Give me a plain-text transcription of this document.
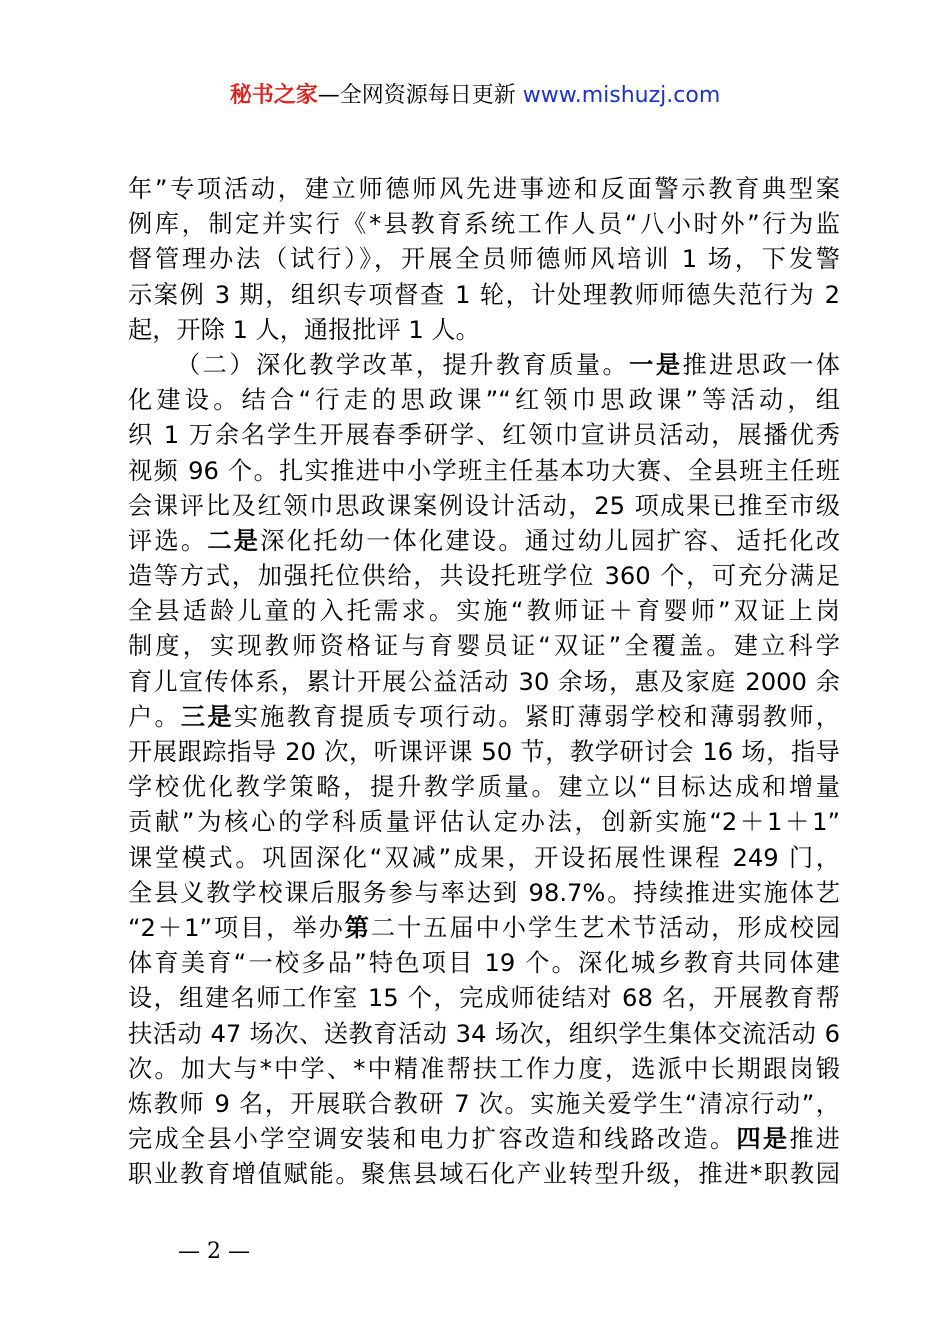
秘书之家—全网资源每日更新 www.mishuzj.com
年”专项活动，建立师德师风先进事迹和反面警示教育典型案
例库，制定并实行《*县教育系统工作人员“八小时外”行为监
督管理办法（试行）》，开展全员师德师风培训 1 场，下发警
示案例 3 期，组织专项督查 1 轮，计处理教师师德失范行为 2
起，开除 1 人，通报批评 1 人。
（二）深化教学改革，提升教育质量。一是推进思政一体
化建设。结合“行走的思政课”“红领巾思政课”等活动，组
织 1 万余名学生开展春季研学、红领巾宣讲员活动，展播优秀
视频 96 个。扎实推进中小学班主任基本功大赛、全县班主任班
会课评比及红领巾思政课案例设计活动，25 项成果已推至市级
评选。二是深化托幼一体化建设。通过幼儿园扩容、适托化改
造等方式，加强托位供给，共设托班学位 360 个，可充分满足
全县适龄儿童的入托需求。实施“教师证＋育婴师”双证上岗
制度，实现教师资格证与育婴员证“双证”全覆盖。建立科学
育儿宣传体系，累计开展公益活动 30 余场，惠及家庭 2000 余
户。三是实施教育提质专项行动。紧盯薄弱学校和薄弱教师，
开展跟踪指导 20 次，听课评课 50 节，教学研讨会 16 场，指导
学校优化教学策略，提升教学质量。建立以“目标达成和增量
贡献”为核心的学科质量评估认定办法，创新实施“2＋1＋1”
课堂模式。巩固深化“双减”成果，开设拓展性课程 249 门，
全县义教学校课后服务参与率达到 98.7%。持续推进实施体艺
“2＋1”项目，举办第二十五届中小学生艺术节活动，形成校园
体育美育“一校多品”特色项目 19 个。深化城乡教育共同体建
设，组建名师工作室 15 个，完成师徒结对 68 名，开展教育帮
扶活动 47 场次、送教育活动 34 场次，组织学生集体交流活动 6
次。加大与*中学、*中精准帮扶工作力度，选派中长期跟岗锻
炼教师 9 名，开展联合教研 7 次。实施关爱学生“清凉行动”，
完成全县小学空调安装和电力扩容改造和线路改造。四是推进
职业教育增值赋能。聚焦县域石化产业转型升级，推进*职教园
— 2 —
